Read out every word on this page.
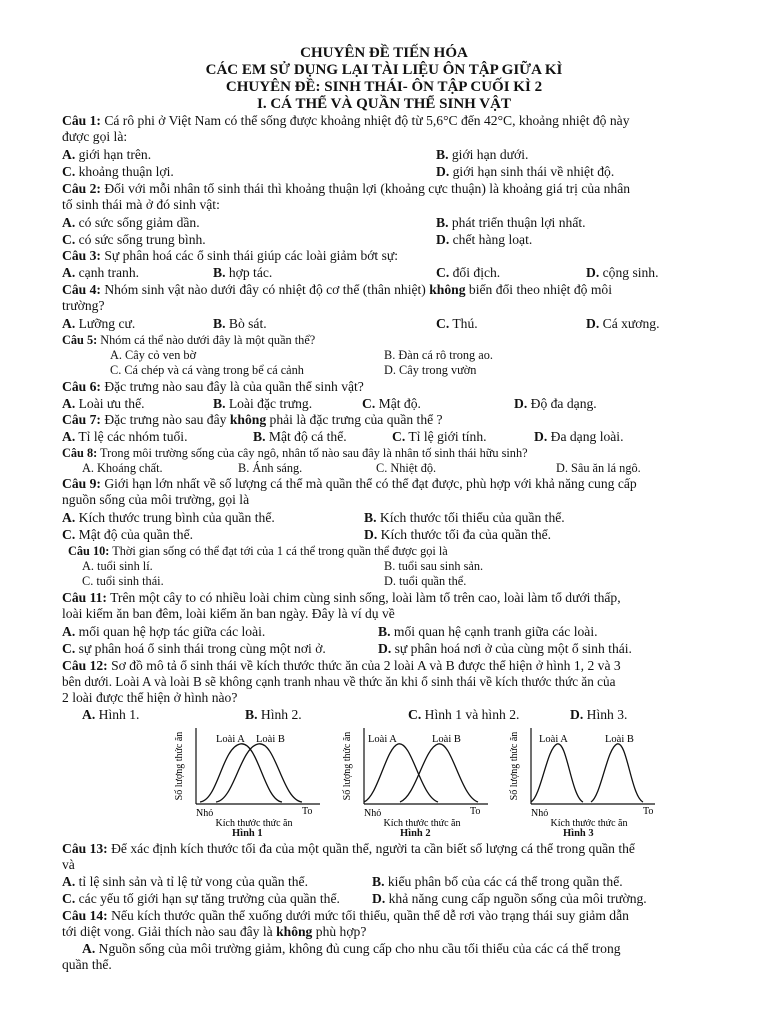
CHUYÊN ĐỀ TIẾN HÓA
CÁC EM SỬ DỤNG LẠI TÀI LIỆU ÔN TẬP GIỮA KÌ
CHUYÊN ĐỀ: SINH THÁI- ÔN TẬP CUỐI KÌ 2
I. CÁ THỂ VÀ QUẦN THỂ SINH VẬT
Câu 1: Cá rô phi ở Việt Nam có thể sống được khoảng nhiệt độ từ 5,6°C đến 42°C, khoảng nhiệt độ này
được gọi là:
A. giới hạn trên.	B. giới hạn dưới.
C. khoảng thuận lợi.	D. giới hạn sinh thái về nhiệt độ.
Câu 2: Đối với mỗi nhân tố sinh thái thì khoảng thuận lợi (khoảng cực thuận) là khoảng giá trị của nhân
tố sinh thái mà ở đó sinh vật:
A. có sức sống giảm dần.	B. phát triển thuận lợi nhất.
C. có sức sống trung bình.	D. chết hàng loạt.
Câu 3: Sự phân hoá các ổ sinh thái giúp các loài giảm bớt sự:
A. cạnh tranh.	B. hợp tác.	C. đối địch.	D. cộng sinh.
Câu 4: Nhóm sinh vật nào dưới đây có nhiệt độ cơ thể (thân nhiệt) không biến đổi theo nhiệt độ môi
trường?
A. Lưỡng cư.	B. Bò sát.	C. Thú.	D. Cá xương.
Câu 5: Nhóm cá thể nào dưới đây là một quần thể?
A. Cây cỏ ven bờ	B. Đàn cá rô trong ao.
C. Cá chép và cá vàng trong bể cá cảnh	D. Cây trong vườn
Câu 6: Đặc trưng nào sau đây là của quần thể sinh vật?
A. Loài ưu thế.	B. Loài đặc trưng.	C. Mật độ.	D. Độ đa dạng.
Câu 7: Đặc trưng nào sau đây không phải là đặc trưng của quần thể ?
A. Tỉ lệ các nhóm tuổi.	B. Mật độ cá thể.	C. Tỉ lệ giới tính.	D. Đa dạng loài.
Câu 8: Trong môi trường sống của cây ngô, nhân tố nào sau đây là nhân tố sinh thái hữu sinh?
A. Khoáng chất.	B. Ánh sáng.	C. Nhiệt độ.	D. Sâu ăn lá ngô.
Câu 9: Giới hạn lớn nhất về số lượng cá thể mà quần thể có thể đạt được, phù hợp với khả năng cung cấp
nguồn sống của môi trường, gọi là
A. Kích thước trung bình của quần thể.	B. Kích thước tối thiểu của quần thể.
C. Mật độ của quần thể.	D. Kích thước tối đa của quần thể.
Câu 10: Thời gian sống có thể đạt tới của 1 cá thể trong quần thể được gọi là
A. tuổi sinh lí.	B. tuổi sau sinh sản.
C. tuổi sinh thái.	D. tuổi quần thể.
Câu 11: Trên một cây to có nhiều loài chim cùng sinh sống, loài làm tổ trên cao, loài làm tổ dưới thấp,
loài kiếm ăn ban đêm, loài kiếm ăn ban ngày. Đây là ví dụ về
A. mối quan hệ hợp tác giữa các loài.	B. mối quan hệ cạnh tranh giữa các loài.
C. sự phân hoá ổ sinh thái trong cùng một nơi ở.	D. sự phân hoá nơi ở của cùng một ổ sinh thái.
Câu 12: Sơ đồ mô tả ổ sinh thái về kích thước thức ăn của 2 loài A và B được thể hiện ở hình 1, 2 và 3
bên dưới. Loài A và loài B sẽ không cạnh tranh nhau về thức ăn khi ổ sinh thái về kích thước thức ăn của
2 loài được thể hiện ở hình nào?
A. Hình 1.	B. Hình 2.	C. Hình 1 và hình 2.	D. Hình 3.
Số lượng thức ăn	Loài A Loài B
Nhỏ	To
Kích thước thức ăn
Hình 1
Số lượng thức ăn Loài A	Loài B
Nhỏ	To
Kích thước thức ăn
Hình 2
Số lượng thức ăn Loài A	Loài B
Nhỏ	To
Kích thước thức ăn
Hình 3
Câu 13: Để xác định kích thước tối đa của một quần thể, người ta cần biết số lượng cá thể trong quần thể
và
A. tỉ lệ sinh sản và tỉ lệ tử vong của quần thể.	B. kiểu phân bố của các cá thể trong quần thể.
C. các yếu tố giới hạn sự tăng trưởng của quần thể. D. khả năng cung cấp nguồn sống của môi trường.
Câu 14: Nếu kích thước quần thể xuống dưới mức tối thiểu, quần thể dễ rơi vào trạng thái suy giảm dẫn
tới diệt vong. Giải thích nào sau đây là không phù hợp?
A. Nguồn sống của môi trường giảm, không đủ cung cấp cho nhu cầu tối thiểu của các cá thể trong
quần thể.
